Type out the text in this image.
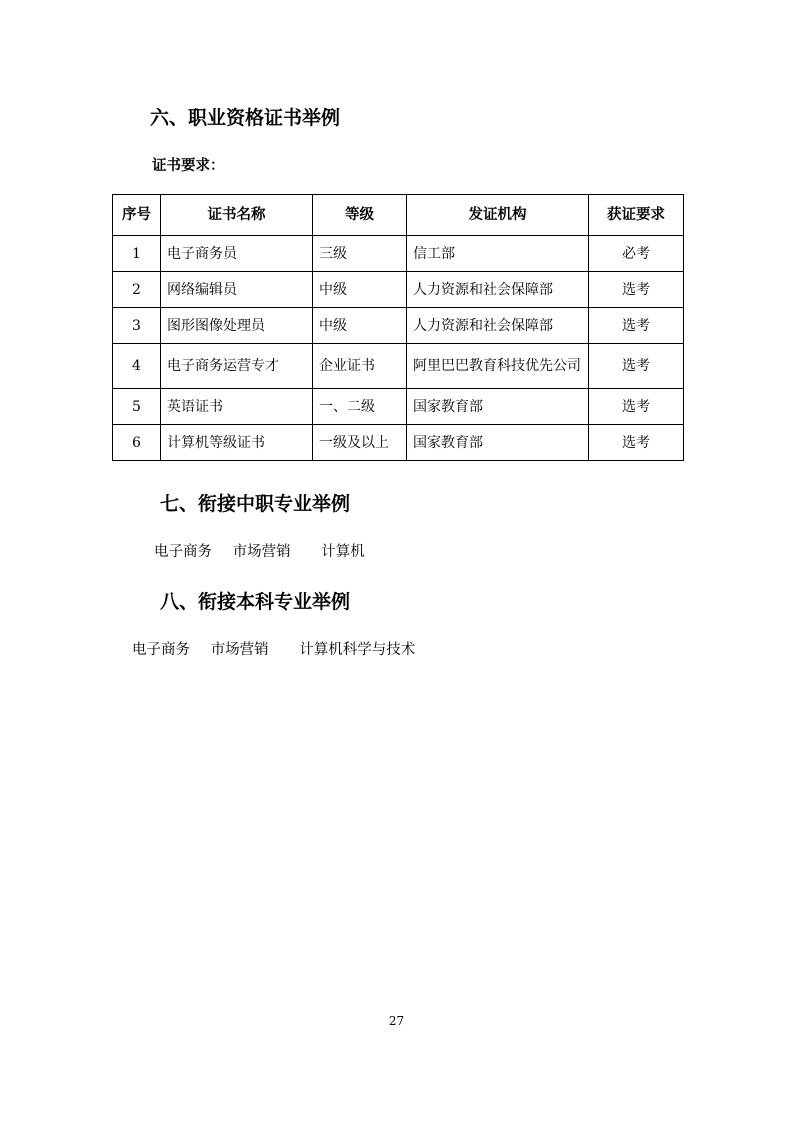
六、职业资格证书举例
证书要求：
序号	证书名称	等级	发证机构	获证要求
1	电子商务员	三级	信工部	必考
2	网络编辑员	中级	人力资源和社会保障部	选考
3	图形图像处理员	中级	人力资源和社会保障部	选考
4	电子商务运营专才	企业证书	阿里巴巴教育科技优先公司	选考
5	英语证书	一、二级	国家教育部	选考
6	计算机等级证书	一级及以上	国家教育部	选考
七、衔接中职专业举例
电子商务 市场营销 计算机
八、衔接本科专业举例
电子商务 市场营销 计算机科学与技术
27
